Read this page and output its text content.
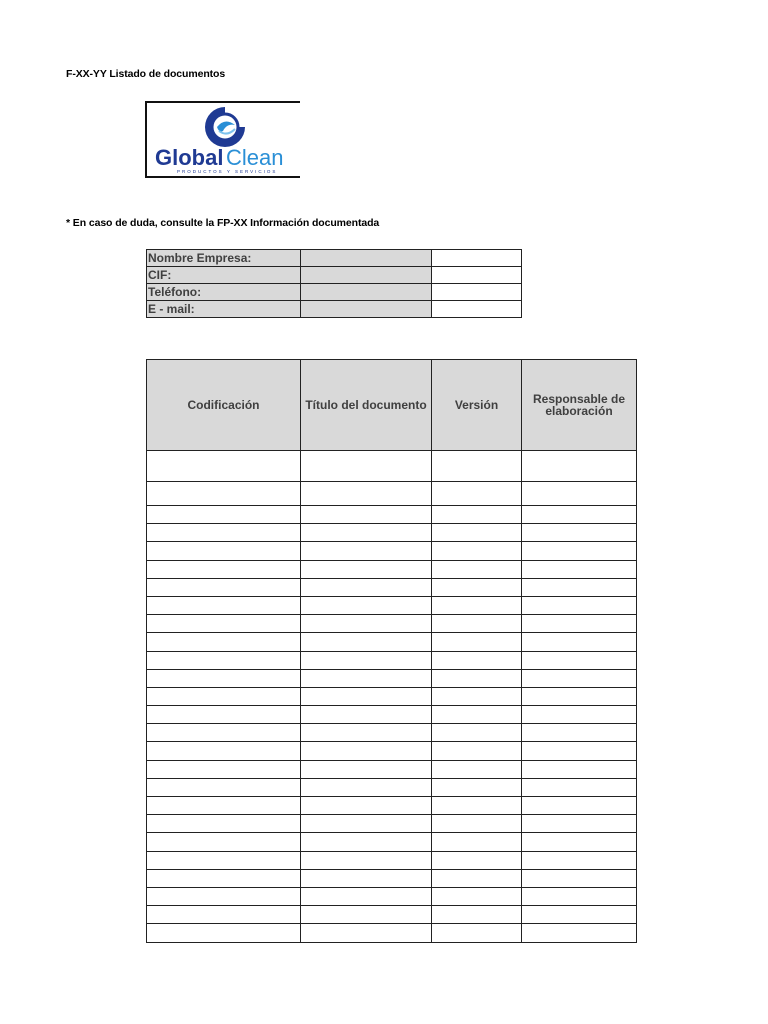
F-XX-YY Listado de documentos
Global Clean
PRODUCTOS Y SERVICIOS
* En caso de duda, consulte la FP-XX Información documentada
Nombre Empresa:		
CIF:		
Teléfono:		
E - mail:		
Codificación	Título del documento	Versión	Responsable de elaboración
